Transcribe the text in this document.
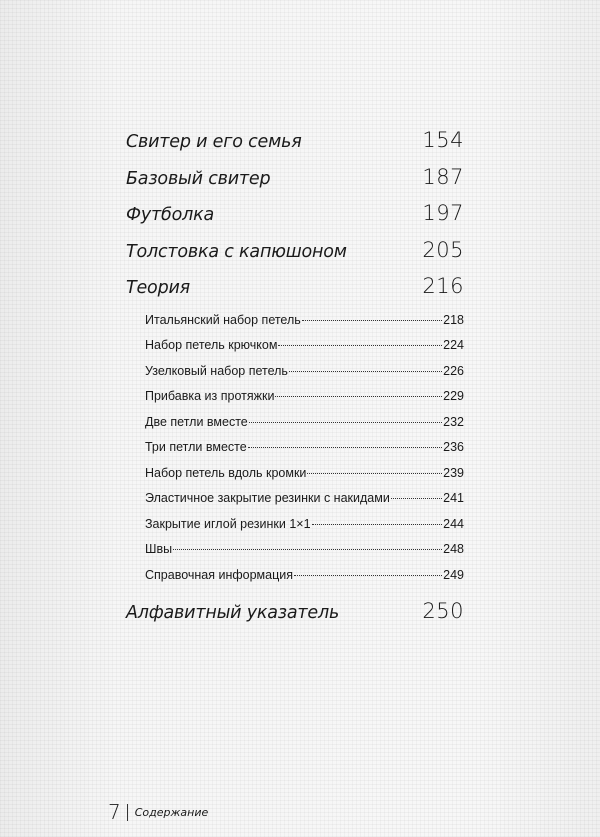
Свитер и его семья	154
Базовый свитер	187
Футболка	197
Толстовка с капюшоном	205
Теория	216
Итальянский набор петель	218
Набор петель крючком	224
Узелковый набор петель	226
Прибавка из протяжки	229
Две петли вместе	232
Три петли вместе	236
Набор петель вдоль кромки	239
Эластичное закрытие резинки с накидами	241
Закрытие иглой резинки 1×1	244
Швы	248
Справочная информация	249
Алфавитный указатель	250
7 Содержание
